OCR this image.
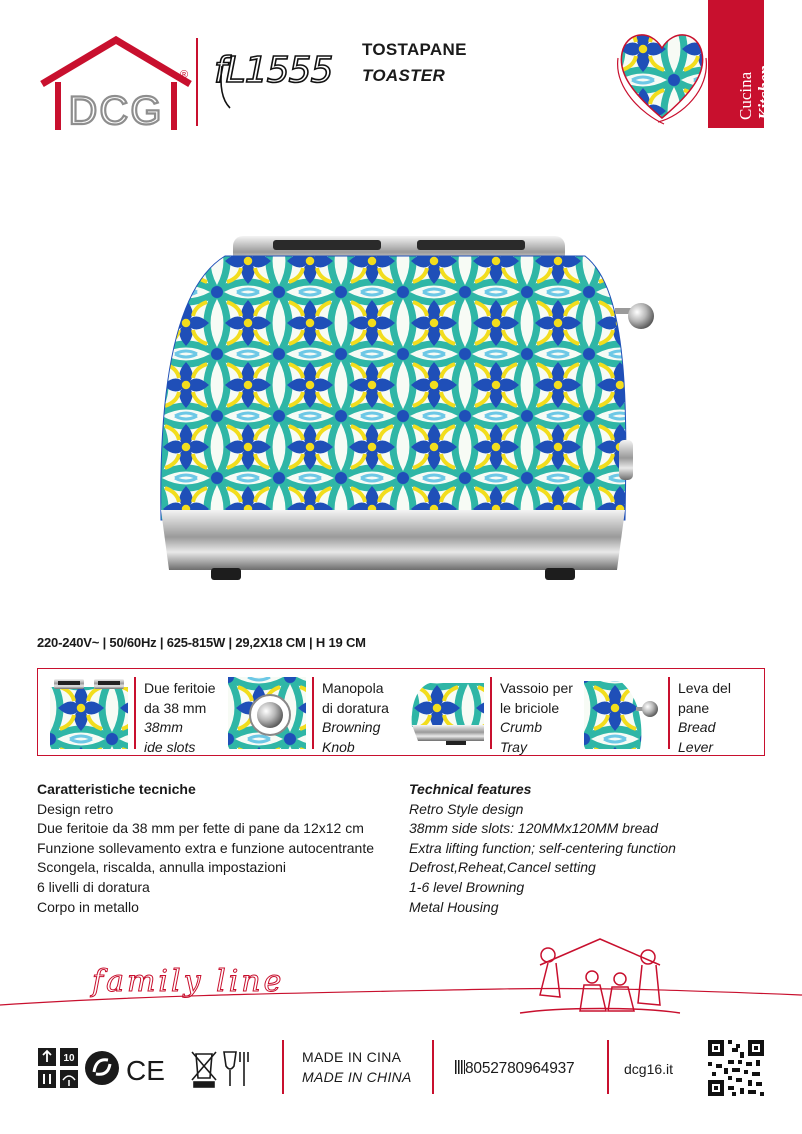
DCG
® fL1555
TOSTAPANE
TOASTER	Cucina Kitchen
220-240V~ | 50/60Hz | 625-815W | 29,2X18 CM | H 19 CM
Due feritoie
da 38 mm
38mm
ide slots
Manopola
di doratura
Browning
Knob
Vassoio per
le briciole
Crumb
Tray
Leva del
pane
Bread
Lever
Caratteristiche tecniche
Design retro
Due feritoie da 38 mm per fette di pane da 12x12 cm
Funzione sollevamento extra e funzione autocentrante
Scongela, riscalda, annulla impostazioni
6 livelli di doratura
Corpo in metallo
Technical features
Retro Style design
38mm side slots: 120MMx120MM bread
Extra lifting function; self-centering function
Defrost,Reheat,Cancel setting
1-6 level Browning
Metal Housing
family line
10 CE	MADE IN CINA
MADE IN CHINA	8052780964937	dcg16.it
